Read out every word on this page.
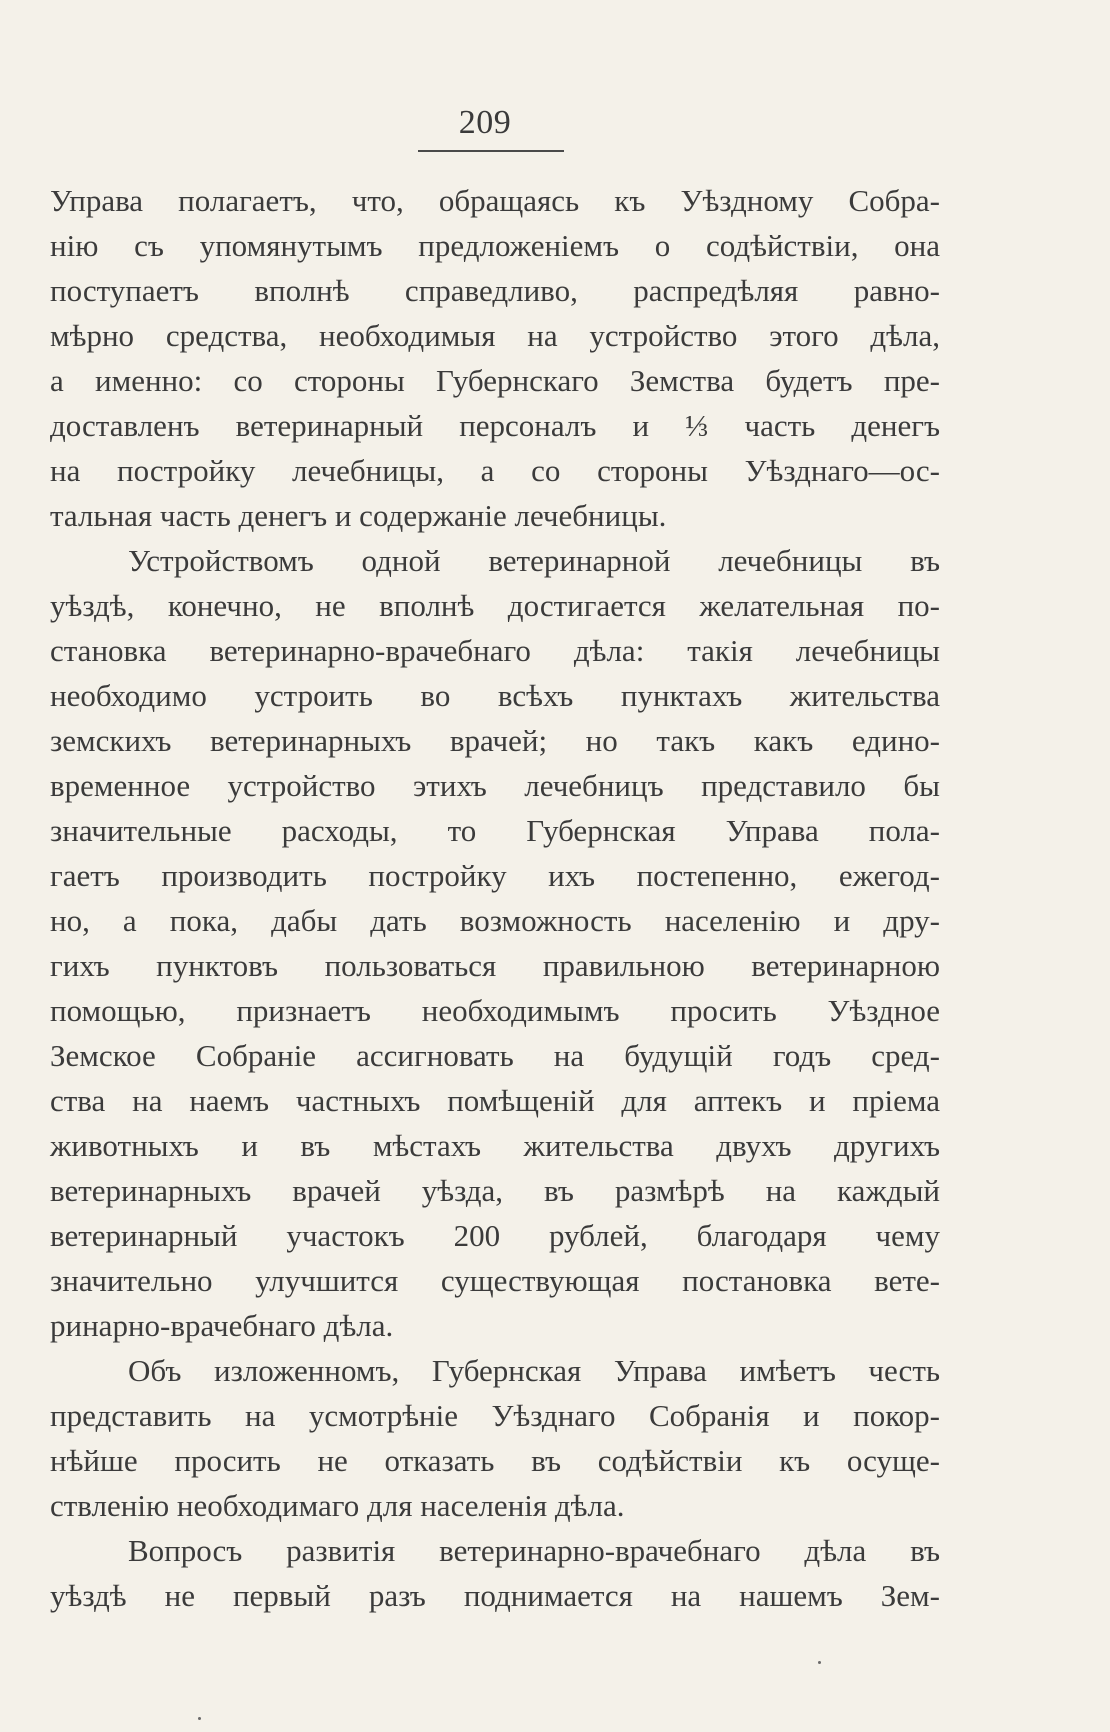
209
Управа полагаетъ, что, обращаясь къ Уѣздному Собра-
нію съ упомянутымъ предложеніемъ о содѣйствіи, она
поступаетъ вполнѣ справедливо, распредѣляя равно-
мѣрно средства, необходимыя на устройство этого дѣла,
а именно: со стороны Губернскаго Земства будетъ пре-
доставленъ ветеринарный персоналъ и ⅓ часть денегъ
на постройку лечебницы, а со стороны Уѣзднаго—ос-
тальная часть денегъ и содержаніе лечебницы.
Устройствомъ одной ветеринарной лечебницы въ
уѣздѣ, конечно, не вполнѣ достигается желательная по-
становка ветеринарно-врачебнаго дѣла: такія лечебницы
необходимо устроить во всѣхъ пунктахъ жительства
земскихъ ветеринарныхъ врачей; но такъ какъ едино-
временное устройство этихъ лечебницъ представило бы
значительные расходы, то Губернская Управа пола-
гаетъ производить постройку ихъ постепенно, ежегод-
но, а пока, дабы дать возможность населенію и дру-
гихъ пунктовъ пользоваться правильною ветеринарною
помощью, признаетъ необходимымъ просить Уѣздное
Земское Собраніе ассигновать на будущій годъ сред-
ства на наемъ частныхъ помѣщеній для аптекъ и пріема
животныхъ и въ мѣстахъ жительства двухъ другихъ
ветеринарныхъ врачей уѣзда, въ размѣрѣ на каждый
ветеринарный участокъ 200 рублей, благодаря чему
значительно улучшится существующая постановка вете-
ринарно-врачебнаго дѣла.
Объ изложенномъ, Губернская Управа имѣетъ честь
представить на усмотрѣніе Уѣзднаго Собранія и покор-
нѣйше просить не отказать въ содѣйствіи къ осуще-
ствленію необходимаго для населенія дѣла.
Вопросъ развитія ветеринарно-врачебнаго дѣла въ
уѣздѣ не первый разъ поднимается на нашемъ Зем-
